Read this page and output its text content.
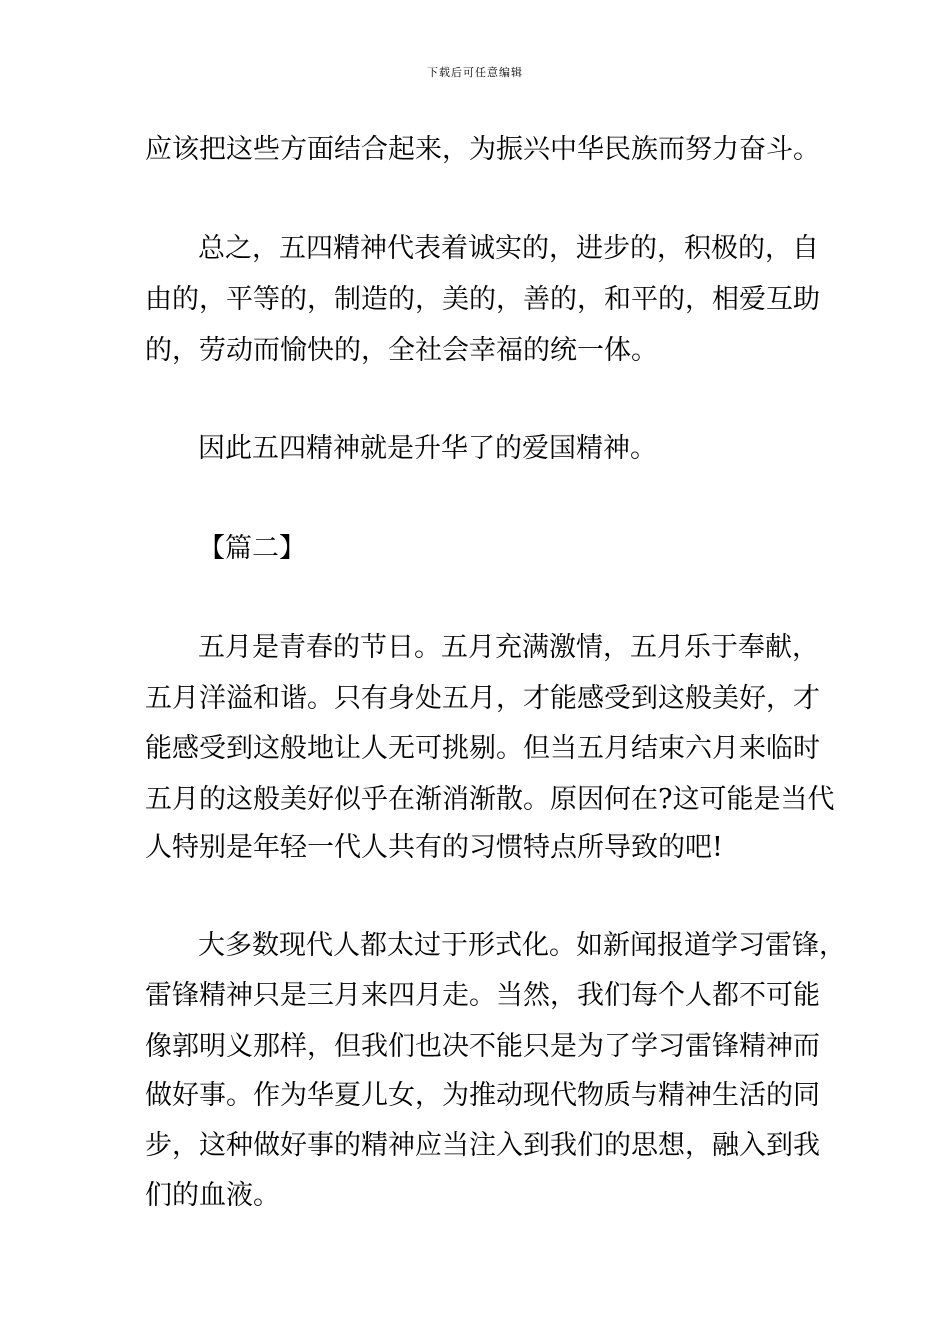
下载后可任意编辑
应该把这些方面结合起来，为振兴中华民族而努力奋斗。
总之，五四精神代表着诚实的，进步的，积极的，自
由的，平等的，制造的，美的，善的，和平的，相爱互助
的，劳动而愉快的，全社会幸福的统一体。
因此五四精神就是升华了的爱国精神。
【篇二】
五月是青春的节日。五月充满激情，五月乐于奉献，
五月洋溢和谐。只有身处五月，才能感受到这般美好，才
能感受到这般地让人无可挑剔。但当五月结束六月来临时
五月的这般美好似乎在渐消渐散。原因何在?这可能是当代
人特别是年轻一代人共有的习惯特点所导致的吧!
大多数现代人都太过于形式化。如新闻报道学习雷锋，
雷锋精神只是三月来四月走。当然，我们每个人都不可能
像郭明义那样，但我们也决不能只是为了学习雷锋精神而
做好事。作为华夏儿女，为推动现代物质与精神生活的同
步，这种做好事的精神应当注入到我们的思想，融入到我
们的血液。
